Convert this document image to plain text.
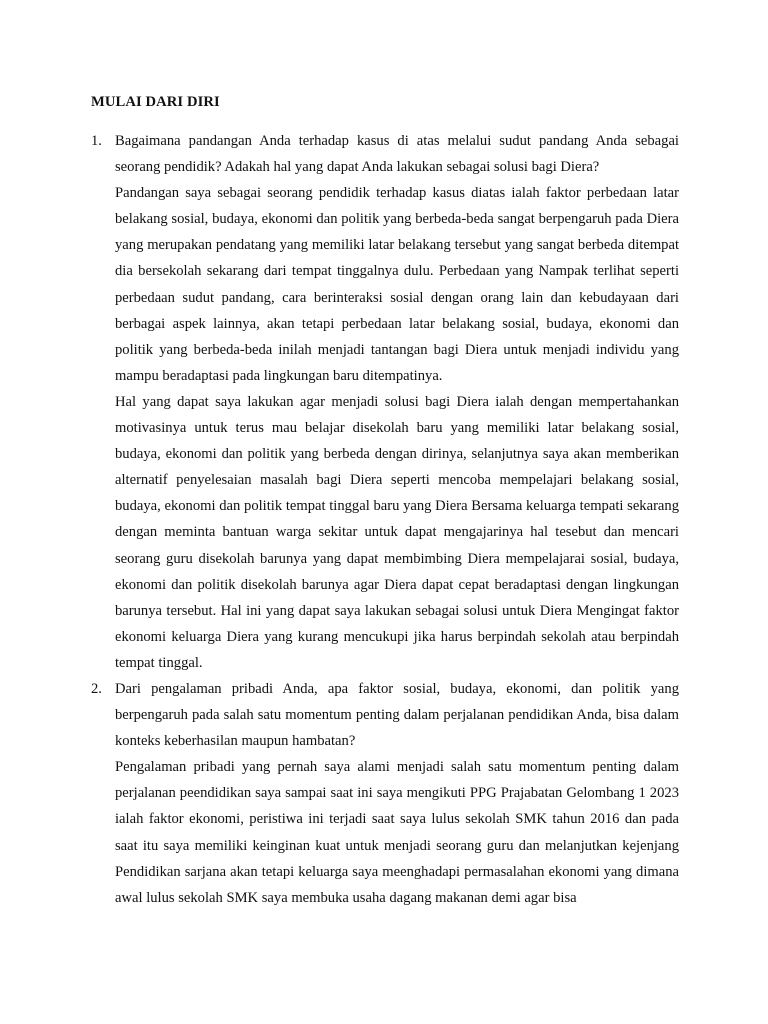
MULAI DARI DIRI
1. Bagaimana pandangan Anda terhadap kasus di atas melalui sudut pandang Anda sebagai seorang pendidik? Adakah hal yang dapat Anda lakukan sebagai solusi bagi Diera?

Pandangan saya sebagai seorang pendidik terhadap kasus diatas ialah faktor perbedaan latar belakang sosial, budaya, ekonomi dan politik yang berbeda-beda sangat berpengaruh pada Diera yang merupakan pendatang yang memiliki latar belakang tersebut yang sangat berbeda ditempat dia bersekolah sekarang dari tempat tinggalnya dulu. Perbedaan yang Nampak terlihat seperti perbedaan sudut pandang, cara berinteraksi sosial dengan orang lain dan kebudayaan dari berbagai aspek lainnya, akan tetapi perbedaan latar belakang sosial, budaya, ekonomi dan politik yang berbeda-beda inilah menjadi tantangan bagi Diera untuk menjadi individu yang mampu beradaptasi pada lingkungan baru ditempatinya.

Hal yang dapat saya lakukan agar menjadi solusi bagi Diera ialah dengan mempertahankan motivasinya untuk terus mau belajar disekolah baru yang memiliki latar belakang sosial, budaya, ekonomi dan politik yang berbeda dengan dirinya, selanjutnya saya akan memberikan alternatif penyelesaian masalah bagi Diera seperti mencoba mempelajari belakang sosial, budaya, ekonomi dan politik tempat tinggal baru yang Diera Bersama keluarga tempati sekarang dengan meminta bantuan warga sekitar untuk dapat mengajarinya hal tesebut dan mencari seorang guru disekolah barunya yang dapat membimbing Diera mempelajarai sosial, budaya, ekonomi dan politik disekolah barunya agar Diera dapat cepat beradaptasi dengan lingkungan barunya tersebut. Hal ini yang dapat saya lakukan sebagai solusi untuk Diera Mengingat faktor ekonomi keluarga Diera yang kurang mencukupi jika harus berpindah sekolah atau berpindah tempat tinggal.

2. Dari pengalaman pribadi Anda, apa faktor sosial, budaya, ekonomi, dan politik yang berpengaruh pada salah satu momentum penting dalam perjalanan pendidikan Anda, bisa dalam konteks keberhasilan maupun hambatan?

Pengalaman pribadi yang pernah saya alami menjadi salah satu momentum penting dalam perjalanan peendidikan saya sampai saat ini saya mengikuti PPG Prajabatan Gelombang 1 2023 ialah faktor ekonomi, peristiwa ini terjadi saat saya lulus sekolah SMK tahun 2016 dan pada saat itu saya memiliki keinginan kuat untuk menjadi seorang guru dan melanjutkan kejenjang Pendidikan sarjana akan tetapi keluarga saya meenghadapi permasalahan ekonomi yang dimana awal lulus sekolah SMK saya membuka usaha dagang makanan demi agar bisa
